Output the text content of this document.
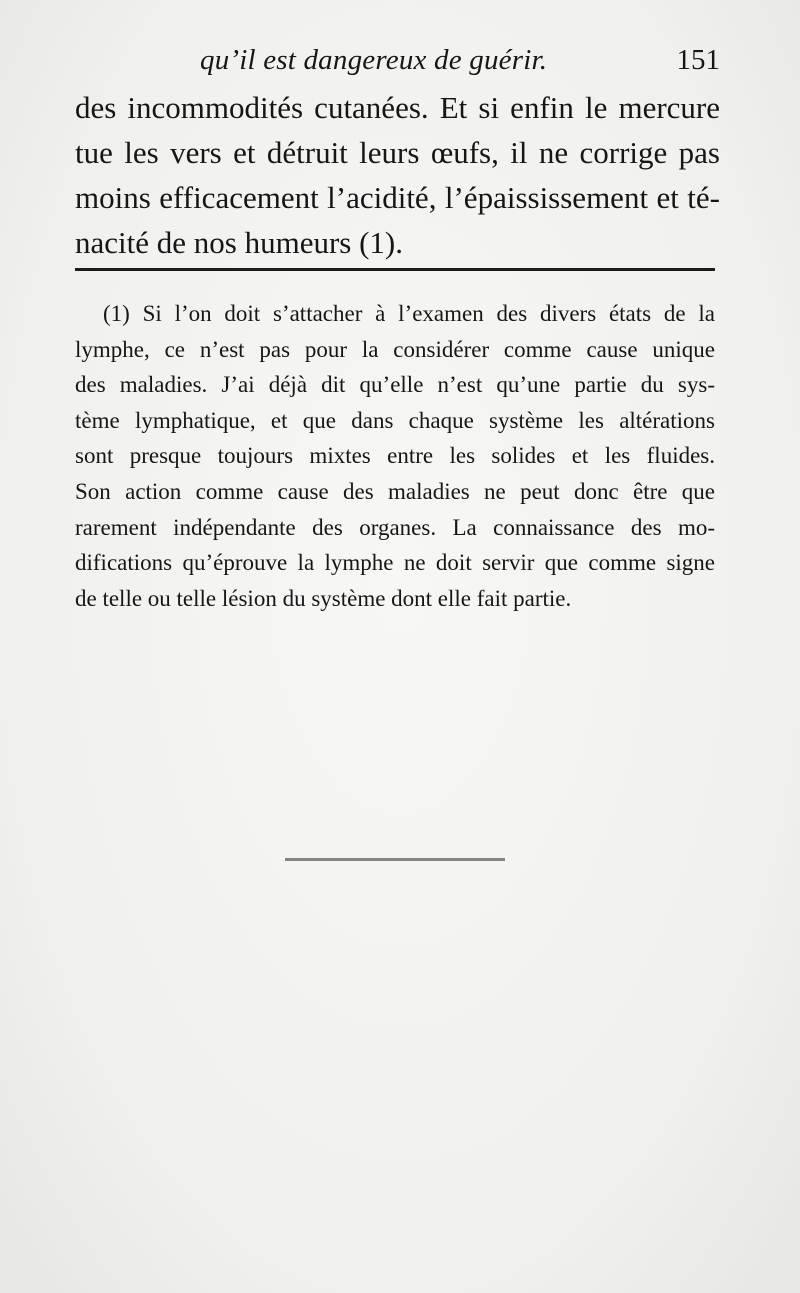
qu’il est dangereux de guérir.	151
des incommodités cutanées. Et si enfin le mercure
tue les vers et détruit leurs œufs, il ne corrige pas
moins efficacement l’acidité, l’épaississement et té-
nacité de nos humeurs (1).
(1) Si l’on doit s’attacher à l’examen des divers états de la
lymphe, ce n’est pas pour la considérer comme cause unique
des maladies. J’ai déjà dit qu’elle n’est qu’une partie du sys-
tème lymphatique, et que dans chaque système les altérations
sont presque toujours mixtes entre les solides et les fluides.
Son action comme cause des maladies ne peut donc être que
rarement indépendante des organes. La connaissance des mo-
difications qu’éprouve la lymphe ne doit servir que comme signe
de telle ou telle lésion du système dont elle fait partie.
